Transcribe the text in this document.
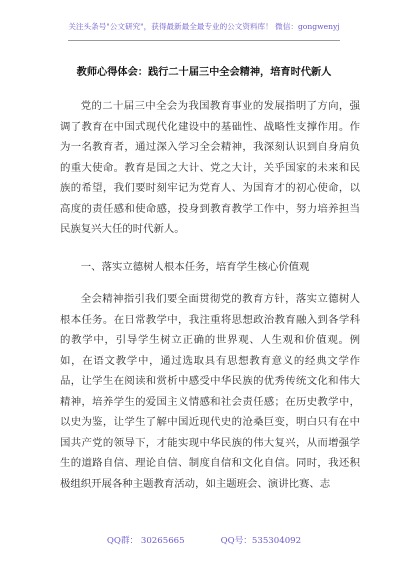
关注头条号"公文研究"，获得最新最全最专业的公文资料库！ 微信：gongwenyj
教师心得体会：践行二十届三中全会精神，培育时代新人

党的二十届三中全会为我国教育事业的发展指明了方向，强调了教育在中国式现代化建设中的基础性、战略性支撑作用。作为一名教育者，通过深入学习全会精神，我深刻认识到自身肩负的重大使命。教育是国之大计、党之大计，关乎国家的未来和民族的希望，我们要时刻牢记为党育人、为国育才的初心使命，以高度的责任感和使命感，投身到教育教学工作中，努力培养担当民族复兴大任的时代新人。

一、落实立德树人根本任务，培育学生核心价值观

全会精神指引我们要全面贯彻党的教育方针，落实立德树人根本任务。在日常教学中，我注重将思想政治教育融入到各学科的教学中，引导学生树立正确的世界观、人生观和价值观。例如，在语文教学中，通过选取具有思想教育意义的经典文学作品，让学生在阅读和赏析中感受中华民族的优秀传统文化和伟大精神，培养学生的爱国主义情感和社会责任感；在历史教学中，以史为鉴，让学生了解中国近现代史的沧桑巨变，明白只有在中国共产党的领导下，才能实现中华民族的伟大复兴，从而增强学生的道路自信、理论自信、制度自信和文化自信。同时，我还积极组织开展各种主题教育活动，如主题班会、演讲比赛、志

QQ群： 30265665	QQ号：535304092
